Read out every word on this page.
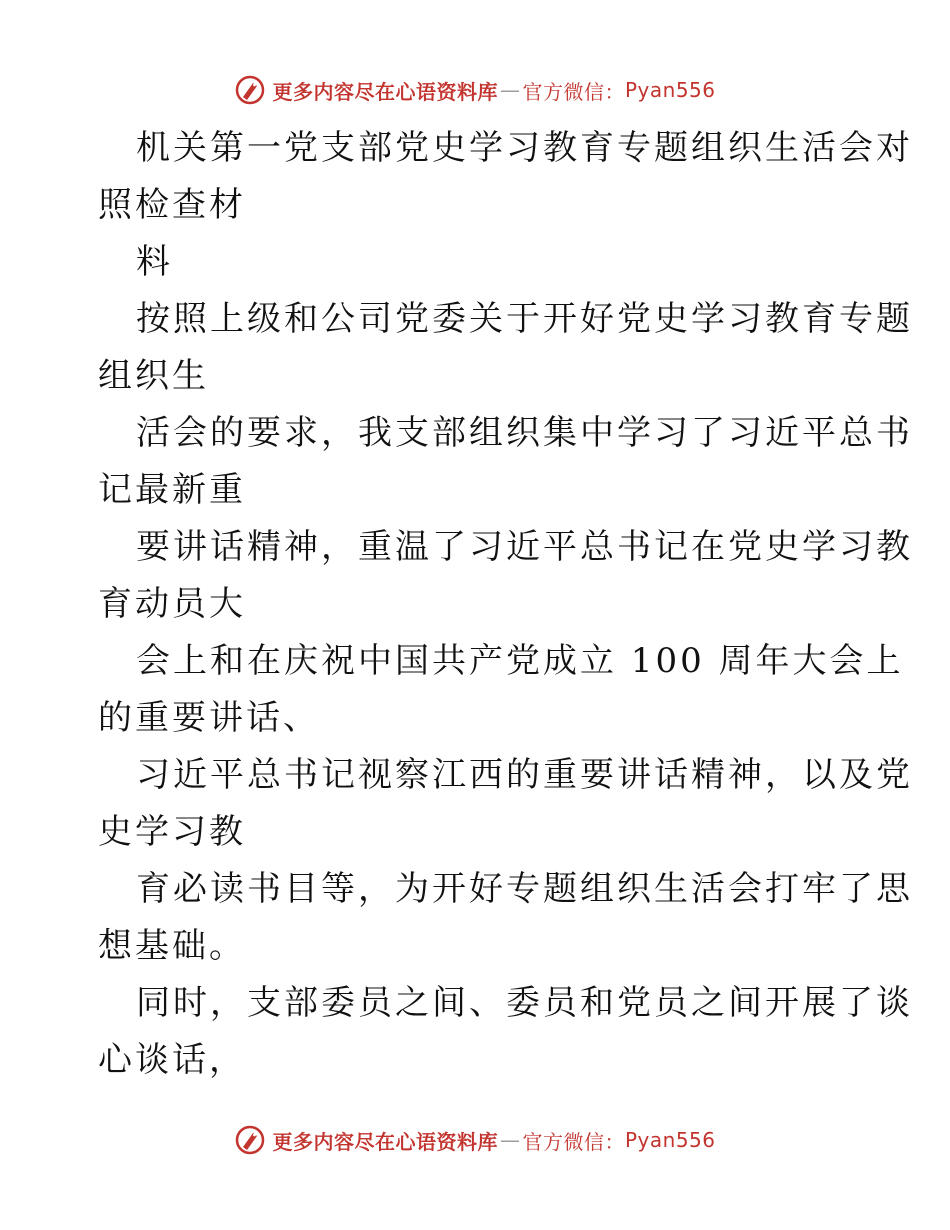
更多内容尽在心语资料库 — 官方微信： Pyan556
机关第一党支部党史学习教育专题组织生活会对
照检查材
料
按照上级和公司党委关于开好党史学习教育专题
组织生
活会的要求，我支部组织集中学习了习近平总书
记最新重
要讲话精神，重温了习近平总书记在党史学习教
育动员大
会上和在庆祝中国共产党成立 100 周年大会上
的重要讲话、
习近平总书记视察江西的重要讲话精神，以及党
史学习教
育必读书目等，为开好专题组织生活会打牢了思
想基础。
同时，支部委员之间、委员和党员之间开展了谈
心谈话，
更多内容尽在心语资料库 — 官方微信： Pyan556
